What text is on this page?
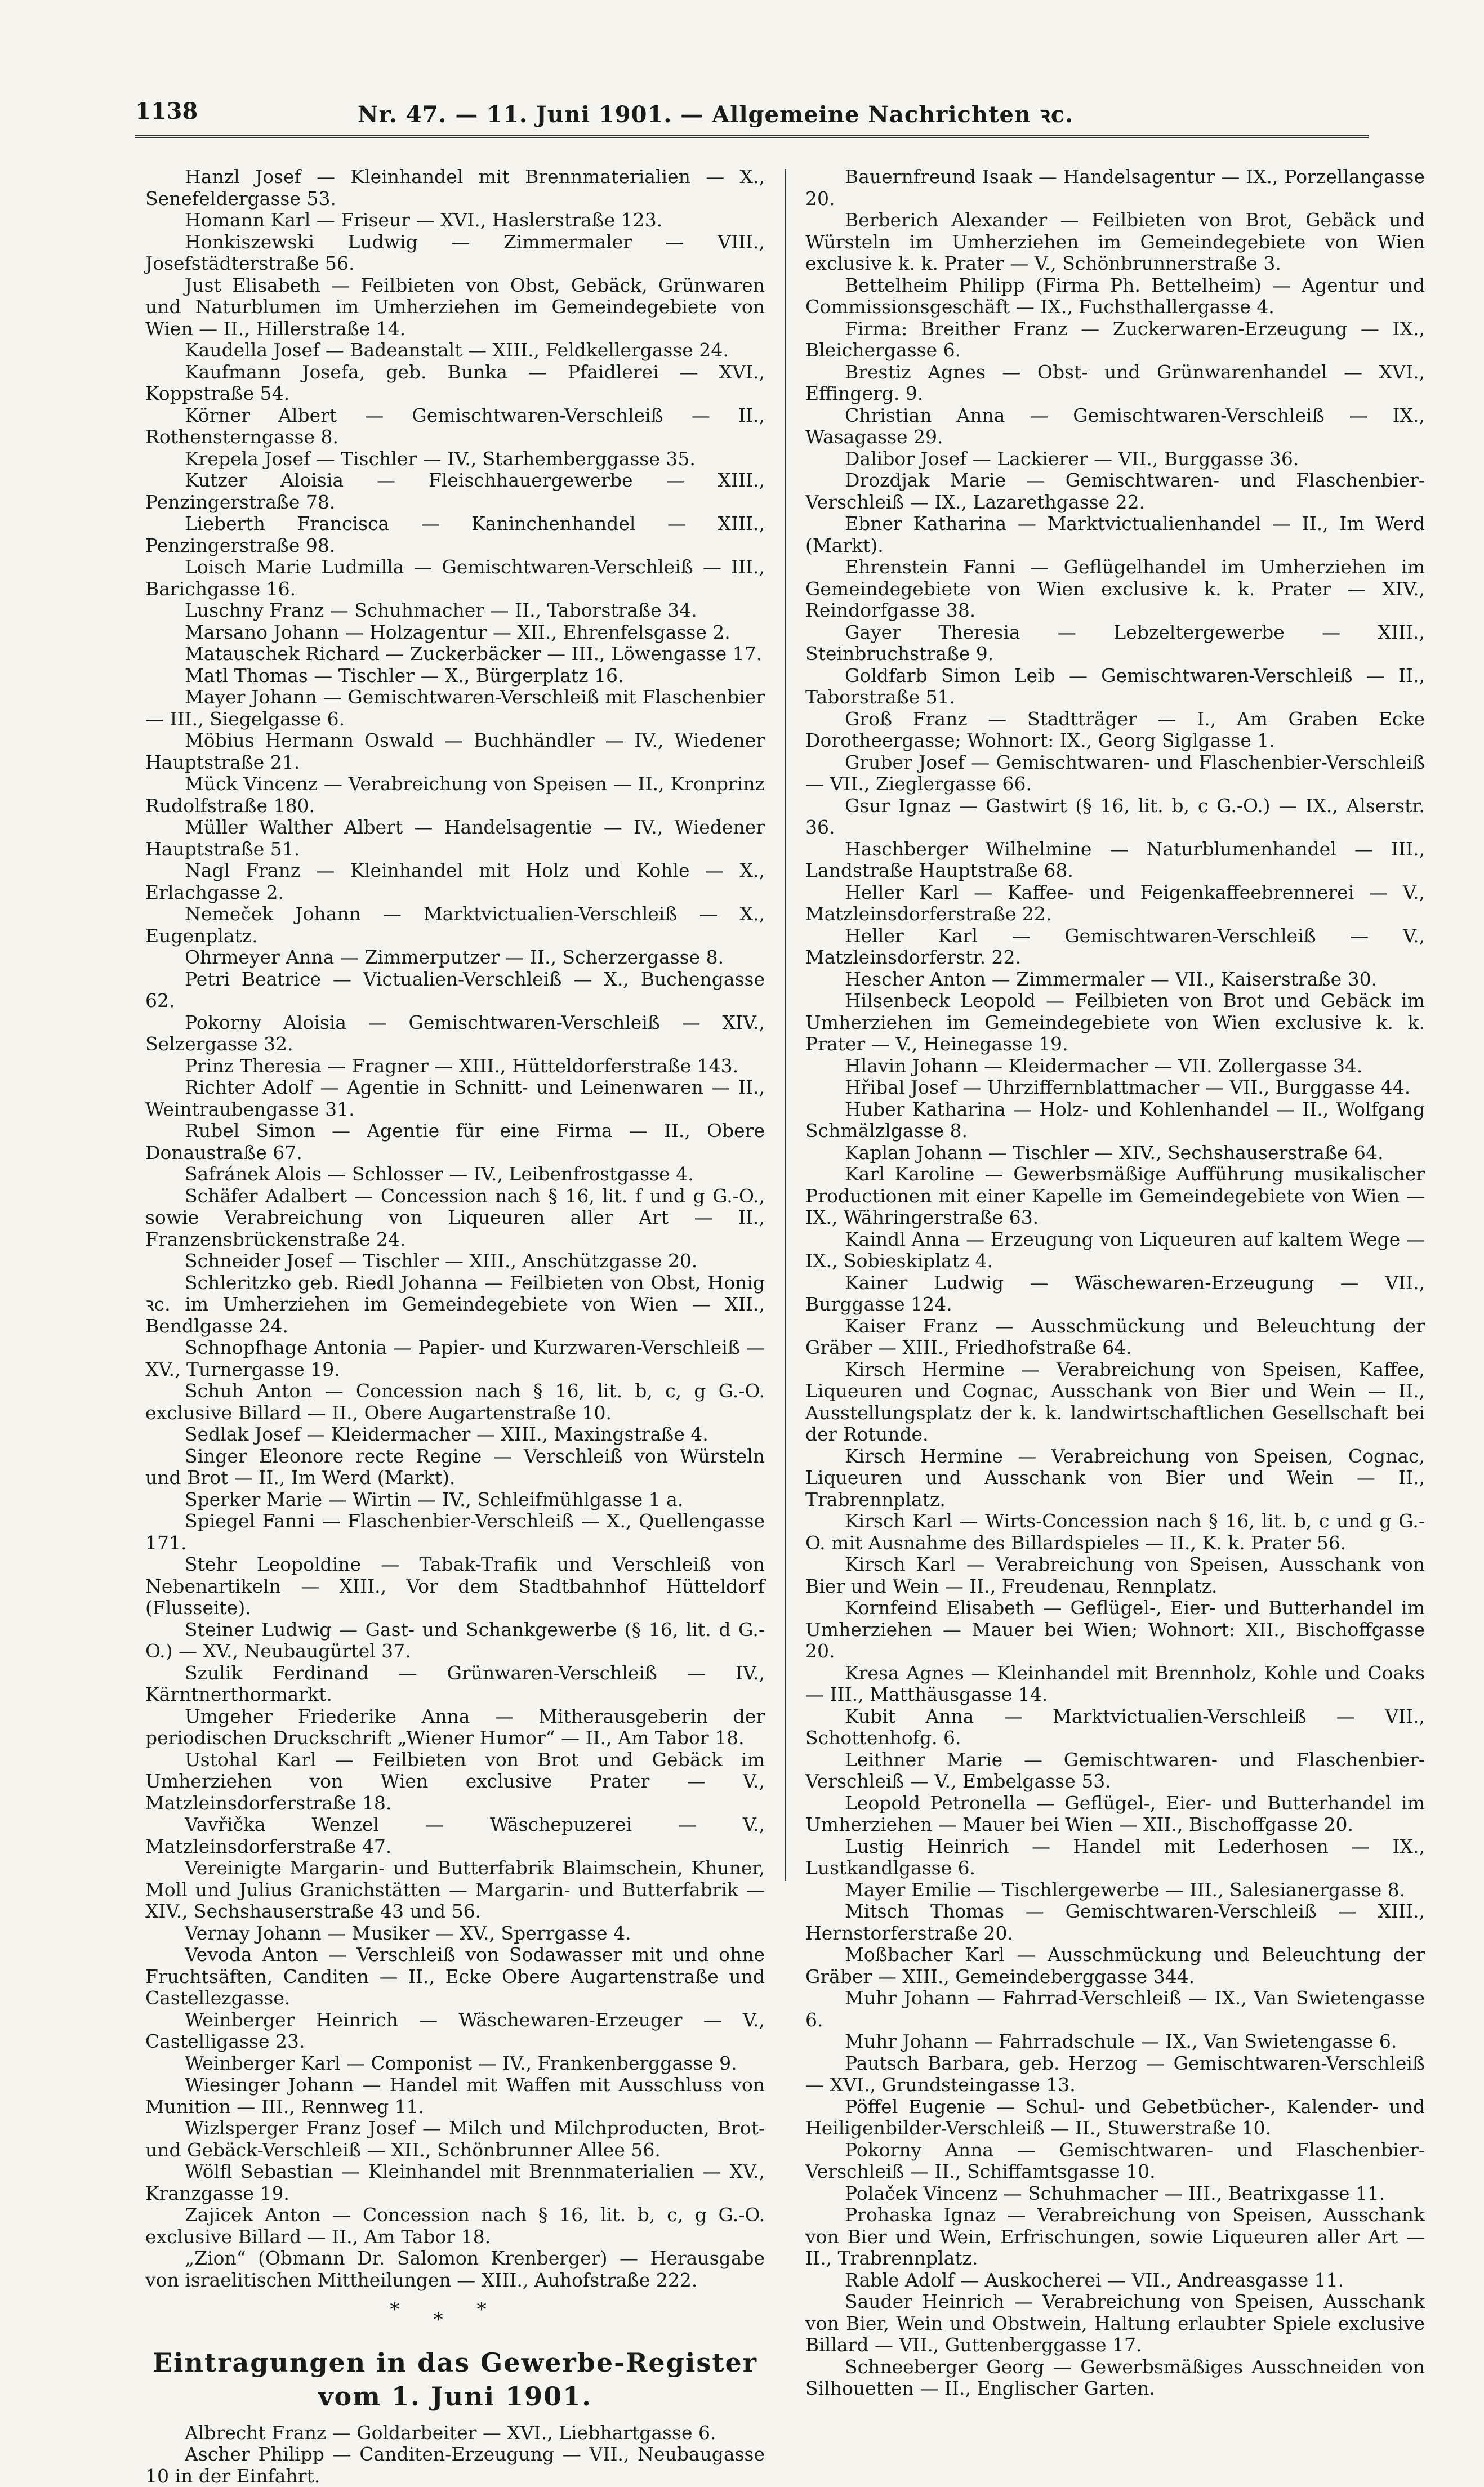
1138	Nr. 47. — 11. Juni 1901. — Allgemeine Nachrichten ꝛc.

Hanzl Josef — Kleinhandel mit Brennmaterialien — X., Senefeldergasse 53.

Homann Karl — Friseur — XVI., Haslerstraße 123.

Honkiszewski Ludwig — Zimmermaler — VIII., Josefstädterstraße 56.

Just Elisabeth — Feilbieten von Obst, Gebäck, Grünwaren und Naturblumen im Umherziehen im Gemeindegebiete von Wien — II., Hillerstraße 14.

Kaudella Josef — Badeanstalt — XIII., Feldkellergasse 24.

Kaufmann Josefa, geb. Bunka — Pfaidlerei — XVI., Koppstraße 54.

Körner Albert — Gemischtwaren-Verschleiß — II., Rothensterngasse 8.

Krepela Josef — Tischler — IV., Starhemberggasse 35.

Kutzer Aloisia — Fleischhauergewerbe — XIII., Penzingerstraße 78.

Lieberth Francisca — Kaninchenhandel — XIII., Penzingerstraße 98.

Loisch Marie Ludmilla — Gemischtwaren-Verschleiß — III., Barichgasse 16.

Luschny Franz — Schuhmacher — II., Taborstraße 34.

Marsano Johann — Holzagentur — XII., Ehrenfelsgasse 2.

Matauschek Richard — Zuckerbäcker — III., Löwengasse 17.

Matl Thomas — Tischler — X., Bürgerplatz 16.

Mayer Johann — Gemischtwaren-Verschleiß mit Flaschenbier — III., Siegelgasse 6.

Möbius Hermann Oswald — Buchhändler — IV., Wiedener Hauptstraße 21.

Mück Vincenz — Verabreichung von Speisen — II., Kronprinz Rudolfstraße 180.

Müller Walther Albert — Handelsagentie — IV., Wiedener Hauptstraße 51.

Nagl Franz — Kleinhandel mit Holz und Kohle — X., Erlachgasse 2.

Nemeček Johann — Marktvictualien-Verschleiß — X., Eugenplatz.

Ohrmeyer Anna — Zimmerputzer — II., Scherzergasse 8.

Petri Beatrice — Victualien-Verschleiß — X., Buchengasse 62.

Pokorny Aloisia — Gemischtwaren-Verschleiß — XIV., Selzergasse 32.

Prinz Theresia — Fragner — XIII., Hütteldorferstraße 143.

Richter Adolf — Agentie in Schnitt- und Leinenwaren — II., Weintraubengasse 31.

Rubel Simon — Agentie für eine Firma — II., Obere Donaustraße 67.

Safránek Alois — Schlosser — IV., Leibenfrostgasse 4.

Schäfer Adalbert — Concession nach § 16, lit. f und g G.-O., sowie Verabreichung von Liqueuren aller Art — II., Franzensbrückenstraße 24.

Schneider Josef — Tischler — XIII., Anschützgasse 20.

Schleritzko geb. Riedl Johanna — Feilbieten von Obst, Honig ꝛc. im Umherziehen im Gemeindegebiete von Wien — XII., Bendlgasse 24.

Schnopfhage Antonia — Papier- und Kurzwaren-Verschleiß — XV., Turnergasse 19.

Schuh Anton — Concession nach § 16, lit. b, c, g G.-O. exclusive Billard — II., Obere Augartenstraße 10.

Sedlak Josef — Kleidermacher — XIII., Maxingstraße 4.

Singer Eleonore recte Regine — Verschleiß von Würsteln und Brot — II., Im Werd (Markt).

Sperker Marie — Wirtin — IV., Schleifmühlgasse 1 a.

Spiegel Fanni — Flaschenbier-Verschleiß — X., Quellengasse 171.

Stehr Leopoldine — Tabak-Trafik und Verschleiß von Nebenartikeln — XIII., Vor dem Stadtbahnhof Hütteldorf (Flusseite).

Steiner Ludwig — Gast- und Schankgewerbe (§ 16, lit. d G.-O.) — XV., Neubaugürtel 37.

Szulik Ferdinand — Grünwaren-Verschleiß — IV., Kärntnerthormarkt.

Umgeher Friederike Anna — Mitherausgeberin der periodischen Druckschrift „Wiener Humor“ — II., Am Tabor 18.

Ustohal Karl — Feilbieten von Brot und Gebäck im Umherziehen von Wien exclusive Prater — V., Matzleinsdorferstraße 18.

Vavřička Wenzel — Wäschepuzerei — V., Matzleinsdorferstraße 47.

Vereinigte Margarin- und Butterfabrik Blaimschein, Khuner, Moll und Julius Granichstätten — Margarin- und Butterfabrik — XIV., Sechshauserstraße 43 und 56.

Vernay Johann — Musiker — XV., Sperrgasse 4.

Vevoda Anton — Verschleiß von Sodawasser mit und ohne Fruchtsäften, Canditen — II., Ecke Obere Augartenstraße und Castellezgasse.

Weinberger Heinrich — Wäschewaren-Erzeuger — V., Castelligasse 23.

Weinberger Karl — Componist — IV., Frankenberggasse 9.

Wiesinger Johann — Handel mit Waffen mit Ausschluss von Munition — III., Rennweg 11.

Wizlsperger Franz Josef — Milch und Milchproducten, Brot- und Gebäck-Verschleiß — XII., Schönbrunner Allee 56.

Wölfl Sebastian — Kleinhandel mit Brennmaterialien — XV., Kranzgasse 19.

Zajicek Anton — Concession nach § 16, lit. b, c, g G.-O. exclusive Billard — II., Am Tabor 18.

„Zion“ (Obmann Dr. Salomon Krenberger) — Herausgabe von israelitischen Mittheilungen — XIII., Auhofstraße 222.

***
Eintragungen in das Gewerbe-Register
vom 1. Juni 1901.

Albrecht Franz — Goldarbeiter — XVI., Liebhartgasse 6.

Ascher Philipp — Canditen-Erzeugung — VII., Neubaugasse 10 in der Einfahrt.

Bauernfreund Isaak — Handelsagentur — IX., Porzellangasse 20.

Berberich Alexander — Feilbieten von Brot, Gebäck und Würsteln im Umherziehen im Gemeindegebiete von Wien exclusive k. k. Prater — V., Schönbrunnerstraße 3.

Bettelheim Philipp (Firma Ph. Bettelheim) — Agentur und Commissionsgeschäft — IX., Fuchsthallergasse 4.

Firma: Breither Franz — Zuckerwaren-Erzeugung — IX., Bleichergasse 6.

Brestiz Agnes — Obst- und Grünwarenhandel — XVI., Effingerg. 9.

Christian Anna — Gemischtwaren-Verschleiß — IX., Wasagasse 29.

Dalibor Josef — Lackierer — VII., Burggasse 36.

Drozdjak Marie — Gemischtwaren- und Flaschenbier-Verschleiß — IX., Lazarethgasse 22.

Ebner Katharina — Marktvictualienhandel — II., Im Werd (Markt).

Ehrenstein Fanni — Geflügelhandel im Umherziehen im Gemeindegebiete von Wien exclusive k. k. Prater — XIV., Reindorfgasse 38.

Gayer Theresia — Lebzeltergewerbe — XIII., Steinbruchstraße 9.

Goldfarb Simon Leib — Gemischtwaren-Verschleiß — II., Taborstraße 51.

Groß Franz — Stadtträger — I., Am Graben Ecke Dorotheergasse; Wohnort: IX., Georg Siglgasse 1.

Gruber Josef — Gemischtwaren- und Flaschenbier-Verschleiß — VII., Zieglergasse 66.

Gsur Ignaz — Gastwirt (§ 16, lit. b, c G.-O.) — IX., Alserstr. 36.

Haschberger Wilhelmine — Naturblumenhandel — III., Landstraße Hauptstraße 68.

Heller Karl — Kaffee- und Feigenkaffeebrennerei — V., Matzleinsdorferstraße 22.

Heller Karl — Gemischtwaren-Verschleiß — V., Matzleinsdorferstr. 22.

Hescher Anton — Zimmermaler — VII., Kaiserstraße 30.

Hilsenbeck Leopold — Feilbieten von Brot und Gebäck im Umherziehen im Gemeindegebiete von Wien exclusive k. k. Prater — V., Heinegasse 19.

Hlavin Johann — Kleidermacher — VII. Zollergasse 34.

Hřibal Josef — Uhrziffernblattmacher — VII., Burggasse 44.

Huber Katharina — Holz- und Kohlenhandel — II., Wolfgang Schmälzlgasse 8.

Kaplan Johann — Tischler — XIV., Sechshauserstraße 64.

Karl Karoline — Gewerbsmäßige Aufführung musikalischer Productionen mit einer Kapelle im Gemeindegebiete von Wien — IX., Währingerstraße 63.

Kaindl Anna — Erzeugung von Liqueuren auf kaltem Wege — IX., Sobieskiplatz 4.

Kainer Ludwig — Wäschewaren-Erzeugung — VII., Burggasse 124.

Kaiser Franz — Ausschmückung und Beleuchtung der Gräber — XIII., Friedhofstraße 64.

Kirsch Hermine — Verabreichung von Speisen, Kaffee, Liqueuren und Cognac, Ausschank von Bier und Wein — II., Ausstellungsplatz der k. k. landwirtschaftlichen Gesellschaft bei der Rotunde.

Kirsch Hermine — Verabreichung von Speisen, Cognac, Liqueuren und Ausschank von Bier und Wein — II., Trabrennplatz.

Kirsch Karl — Wirts-Concession nach § 16, lit. b, c und g G.-O. mit Ausnahme des Billardspieles — II., K. k. Prater 56.

Kirsch Karl — Verabreichung von Speisen, Ausschank von Bier und Wein — II., Freudenau, Rennplatz.

Kornfeind Elisabeth — Geflügel-, Eier- und Butterhandel im Umherziehen — Mauer bei Wien; Wohnort: XII., Bischoffgasse 20.

Kresa Agnes — Kleinhandel mit Brennholz, Kohle und Coaks — III., Matthäusgasse 14.

Kubit Anna — Marktvictualien-Verschleiß — VII., Schottenhofg. 6.

Leithner Marie — Gemischtwaren- und Flaschenbier-Verschleiß — V., Embelgasse 53.

Leopold Petronella — Geflügel-, Eier- und Butterhandel im Umherziehen — Mauer bei Wien — XII., Bischoffgasse 20.

Lustig Heinrich — Handel mit Lederhosen — IX., Lustkandlgasse 6.

Mayer Emilie — Tischlergewerbe — III., Salesianergasse 8.

Mitsch Thomas — Gemischtwaren-Verschleiß — XIII., Hernstorferstraße 20.

Moßbacher Karl — Ausschmückung und Beleuchtung der Gräber — XIII., Gemeindeberggasse 344.

Muhr Johann — Fahrrad-Verschleiß — IX., Van Swietengasse 6.

Muhr Johann — Fahrradschule — IX., Van Swietengasse 6.

Pautsch Barbara, geb. Herzog — Gemischtwaren-Verschleiß — XVI., Grundsteingasse 13.

Pöffel Eugenie — Schul- und Gebetbücher-, Kalender- und Heiligenbilder-Verschleiß — II., Stuwerstraße 10.

Pokorny Anna — Gemischtwaren- und Flaschenbier-Verschleiß — II., Schiffamtsgasse 10.

Polaček Vincenz — Schuhmacher — III., Beatrixgasse 11.

Prohaska Ignaz — Verabreichung von Speisen, Ausschank von Bier und Wein, Erfrischungen, sowie Liqueuren aller Art — II., Trabrennplatz.

Rable Adolf — Auskocherei — VII., Andreasgasse 11.

Sauder Heinrich — Verabreichung von Speisen, Ausschank von Bier, Wein und Obstwein, Haltung erlaubter Spiele exclusive Billard — VII., Guttenberggasse 17.

Schneeberger Georg — Gewerbsmäßiges Ausschneiden von Silhouetten — II., Englischer Garten.
